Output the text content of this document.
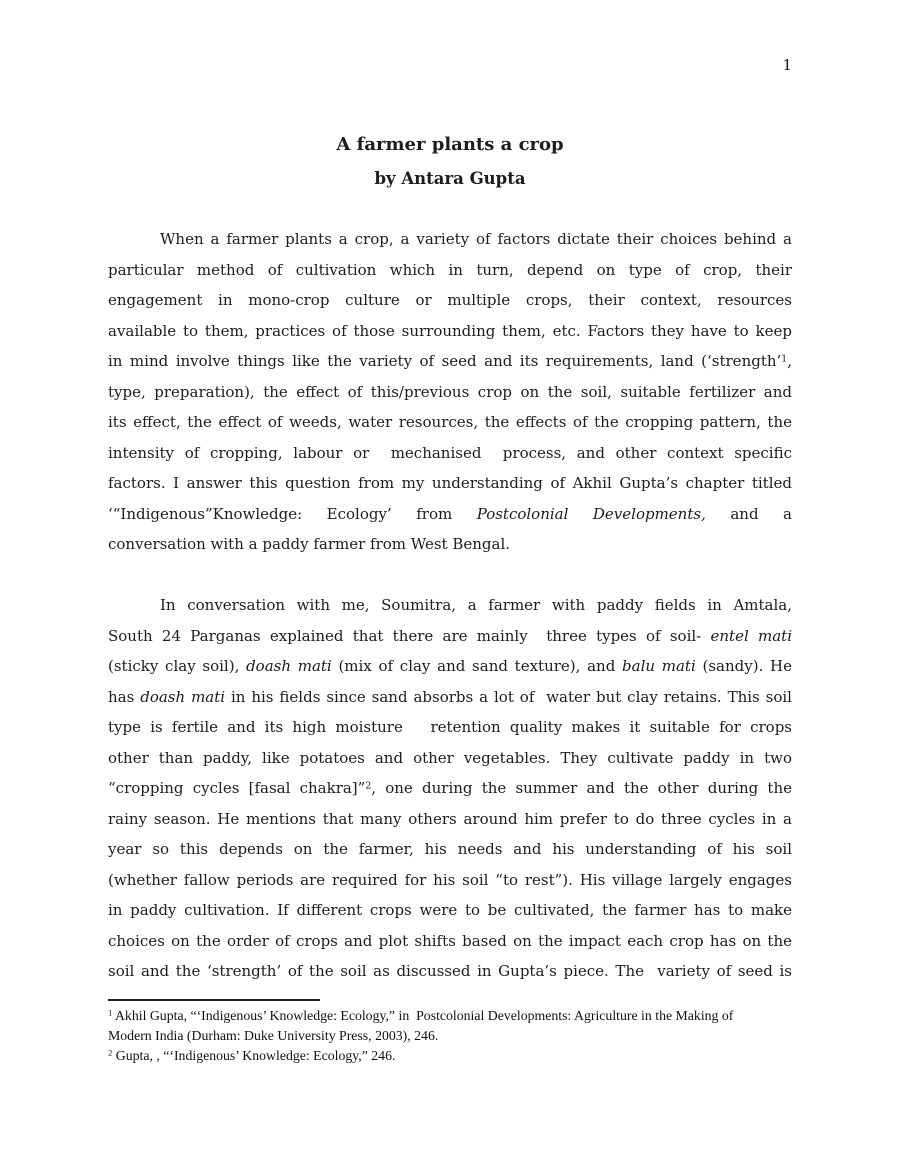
1
A farmer plants a crop
by Antara Gupta
When a farmer plants a crop, a variety of factors dictate their choices behind a
particular method of cultivation which in turn, depend on type of crop, their
engagement in mono-crop culture or multiple crops, their context, resources
available to them, practices of those surrounding them, etc. Factors they have to keep
in mind involve things like the variety of seed and its requirements, land (‘strength’$^1$,
type, preparation), the effect of this/previous crop on the soil, suitable fertilizer and
its effect, the effect of weeds, water resources, the effects of the cropping pattern, the
intensity of cropping, labour or  mechanised  process, and other context specific
factors. I answer this question from my understanding of Akhil Gupta’s chapter titled
‘“Indigenous”Knowledge: Ecology’ from Postcolonial Developments, and a
conversation with a paddy farmer from West Bengal.
In conversation with me, Soumitra, a farmer with paddy fields in Amtala,
South 24 Parganas explained that there are mainly  three types of soil- entel mati
(sticky clay soil), doash mati (mix of clay and sand texture), and balu mati (sandy). He
has doash mati in his fields since sand absorbs a lot of  water but clay retains. This soil
type is fertile and its high moisture   retention quality makes it suitable for crops
other than paddy, like potatoes and other vegetables. They cultivate paddy in two
“cropping cycles [fasal chakra]”$^2$, one during the summer and the other during the
rainy season. He mentions that many others around him prefer to do three cycles in a
year so this depends on the farmer, his needs and his understanding of his soil
(whether fallow periods are required for his soil “to rest”). His village largely engages
in paddy cultivation. If different crops were to be cultivated, the farmer has to make
choices on the order of crops and plot shifts based on the impact each crop has on the
soil and the ‘strength’ of the soil as discussed in Gupta’s piece. The  variety of seed is
$^1$ Akhil Gupta, “‘Indigenous’ Knowledge: Ecology,” in  Postcolonial Developments: Agriculture in the Making of
Modern India (Durham: Duke University Press, 2003), 246.
$^2$ Gupta, , “‘Indigenous’ Knowledge: Ecology,” 246.
